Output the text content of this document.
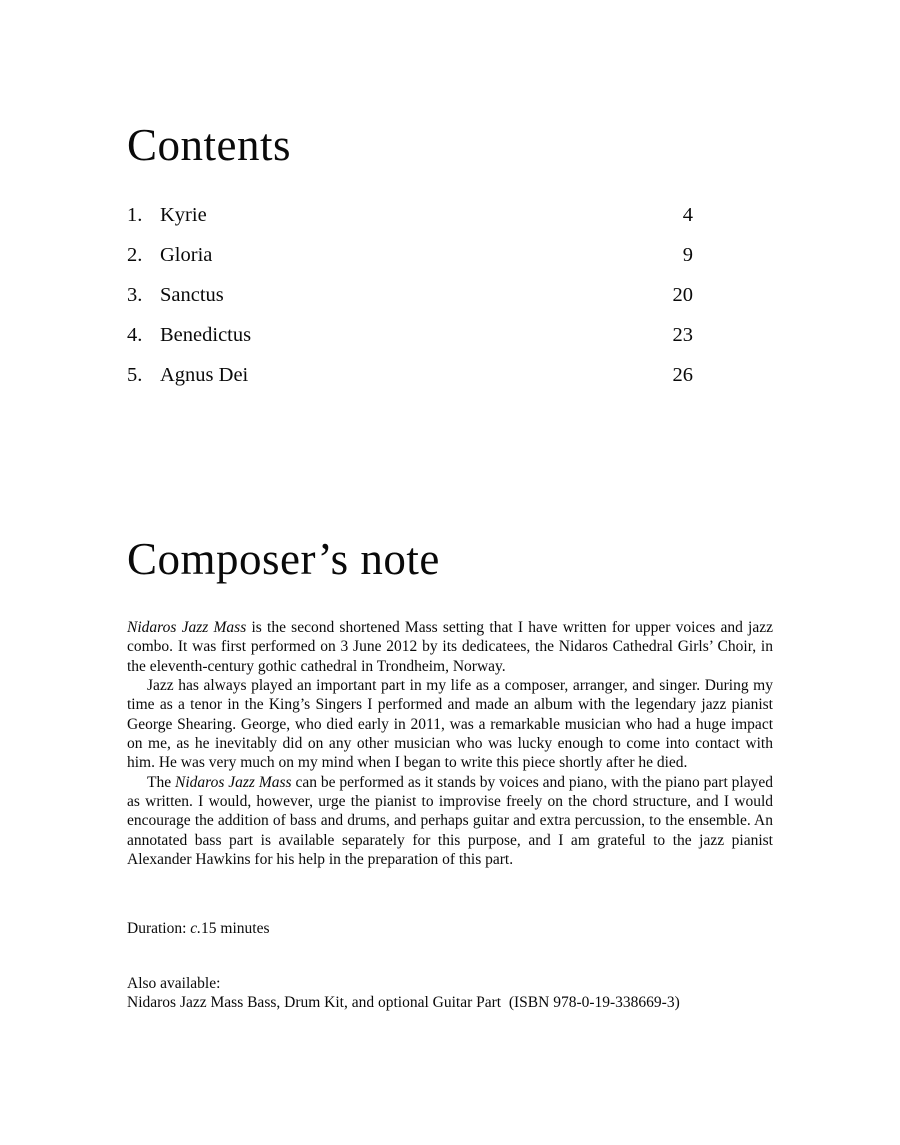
Contents
1. Kyrie	4
2. Gloria	9
3. Sanctus	20
4. Benedictus	23
5. Agnus Dei	26
Composer’s note

Nidaros Jazz Mass is the second shortened Mass setting that I have written for upper voices and jazz combo. It was first performed on 3 June 2012 by its dedicatees, the Nidaros Cathedral Girls’ Choir, in the eleventh-century gothic cathedral in Trondheim, Norway.

Jazz has always played an important part in my life as a composer, arranger, and singer. During my time as a tenor in the King’s Singers I performed and made an album with the legendary jazz pianist George Shearing. George, who died early in 2011, was a remarkable musician who had a huge impact on me, as he inevitably did on any other musician who was lucky enough to come into contact with him. He was very much on my mind when I began to write this piece shortly after he died.

The Nidaros Jazz Mass can be performed as it stands by voices and piano, with the piano part played as written. I would, however, urge the pianist to improvise freely on the chord structure, and I would encourage the addition of bass and drums, and perhaps guitar and extra percussion, to the ensemble. An annotated bass part is available separately for this purpose, and I am grateful to the jazz pianist Alexander Hawkins for his help in the preparation of this part.

Duration: c.15 minutes
Also available:
Nidaros Jazz Mass Bass, Drum Kit, and optional Guitar Part  (ISBN 978-0-19-338669-3)
